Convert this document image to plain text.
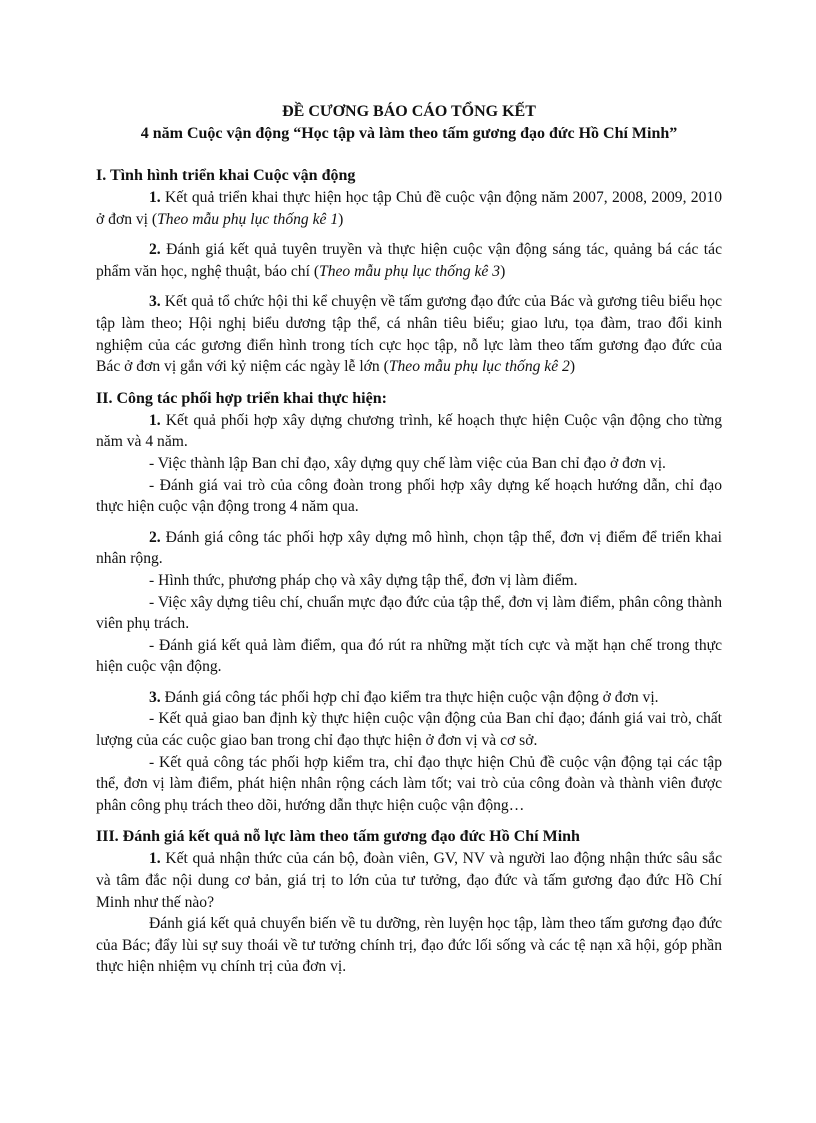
ĐỀ CƯƠNG BÁO CÁO TỔNG KẾT
4 năm Cuộc vận động “Học tập và làm theo tấm gương đạo đức Hồ Chí Minh”
I. Tình hình triển khai Cuộc vận động

1. Kết quả triển khai thực hiện học tập Chủ đề cuộc vận động năm 2007, 2008, 2009, 2010 ở đơn vị (Theo mẫu phụ lục thống kê 1)

2. Đánh giá kết quả tuyên truyền và thực hiện cuộc vận động sáng tác, quảng bá các tác phẩm văn học, nghệ thuật, báo chí (Theo mẫu phụ lục thống kê 3)

3. Kết quả tổ chức hội thi kể chuyện về tấm gương đạo đức của Bác và gương tiêu biểu học tập làm theo; Hội nghị biểu dương tập thể, cá nhân tiêu biểu; giao lưu, tọa đàm, trao đổi kinh nghiệm của các gương điển hình trong tích cực học tập, nỗ lực làm theo tấm gương đạo đức của Bác ở đơn vị gắn với kỷ niệm các ngày lễ lớn (Theo mẫu phụ lục thống kê 2)

II. Công tác phối hợp triển khai thực hiện:

1. Kết quả phối hợp xây dựng chương trình, kế hoạch thực hiện Cuộc vận động cho từng năm và 4 năm.

- Việc thành lập Ban chỉ đạo, xây dựng quy chế làm việc của Ban chỉ đạo ở đơn vị.

- Đánh giá vai trò của công đoàn trong phối hợp xây dựng kế hoạch hướng dẫn, chỉ đạo thực hiện cuộc vận động trong 4 năm qua.

2. Đánh giá công tác phối hợp xây dựng mô hình, chọn tập thể, đơn vị điểm để triển khai nhân rộng.

- Hình thức, phương pháp chọ và xây dựng tập thể, đơn vị làm điểm.

- Việc xây dựng tiêu chí, chuẩn mực đạo đức của tập thể, đơn vị làm điểm, phân công thành viên phụ trách.

- Đánh giá kết quả làm điểm, qua đó rút ra những mặt tích cực và mặt hạn chế trong thực hiện cuộc vận động.

3. Đánh giá công tác phối hợp chỉ đạo kiểm tra thực hiện cuộc vận động ở đơn vị.

- Kết quả giao ban định kỳ thực hiện cuộc vận động của Ban chỉ đạo; đánh giá vai trò, chất lượng của các cuộc giao ban trong chỉ đạo thực hiện ở đơn vị và cơ sở.

- Kết quả công tác phối hợp kiểm tra, chỉ đạo thực hiện Chủ đề cuộc vận động tại các tập thể, đơn vị làm điểm, phát hiện nhân rộng cách làm tốt; vai trò của công đoàn và thành viên được phân công phụ trách theo dõi, hướng dẫn thực hiện cuộc vận động…

III. Đánh giá kết quả nỗ lực làm theo tấm gương đạo đức Hồ Chí Minh

1. Kết quả nhận thức của cán bộ, đoàn viên, GV, NV và người lao động nhận thức sâu sắc và tâm đắc nội dung cơ bản, giá trị to lớn của tư tưởng, đạo đức và tấm gương đạo đức Hồ Chí Minh như thế nào?

Đánh giá kết quả chuyển biến về tu dưỡng, rèn luyện học tập, làm theo tấm gương đạo đức của Bác; đẩy lùi sự suy thoái về tư tưởng chính trị, đạo đức lối sống và các tệ nạn xã hội, góp phần thực hiện nhiệm vụ chính trị của đơn vị.
